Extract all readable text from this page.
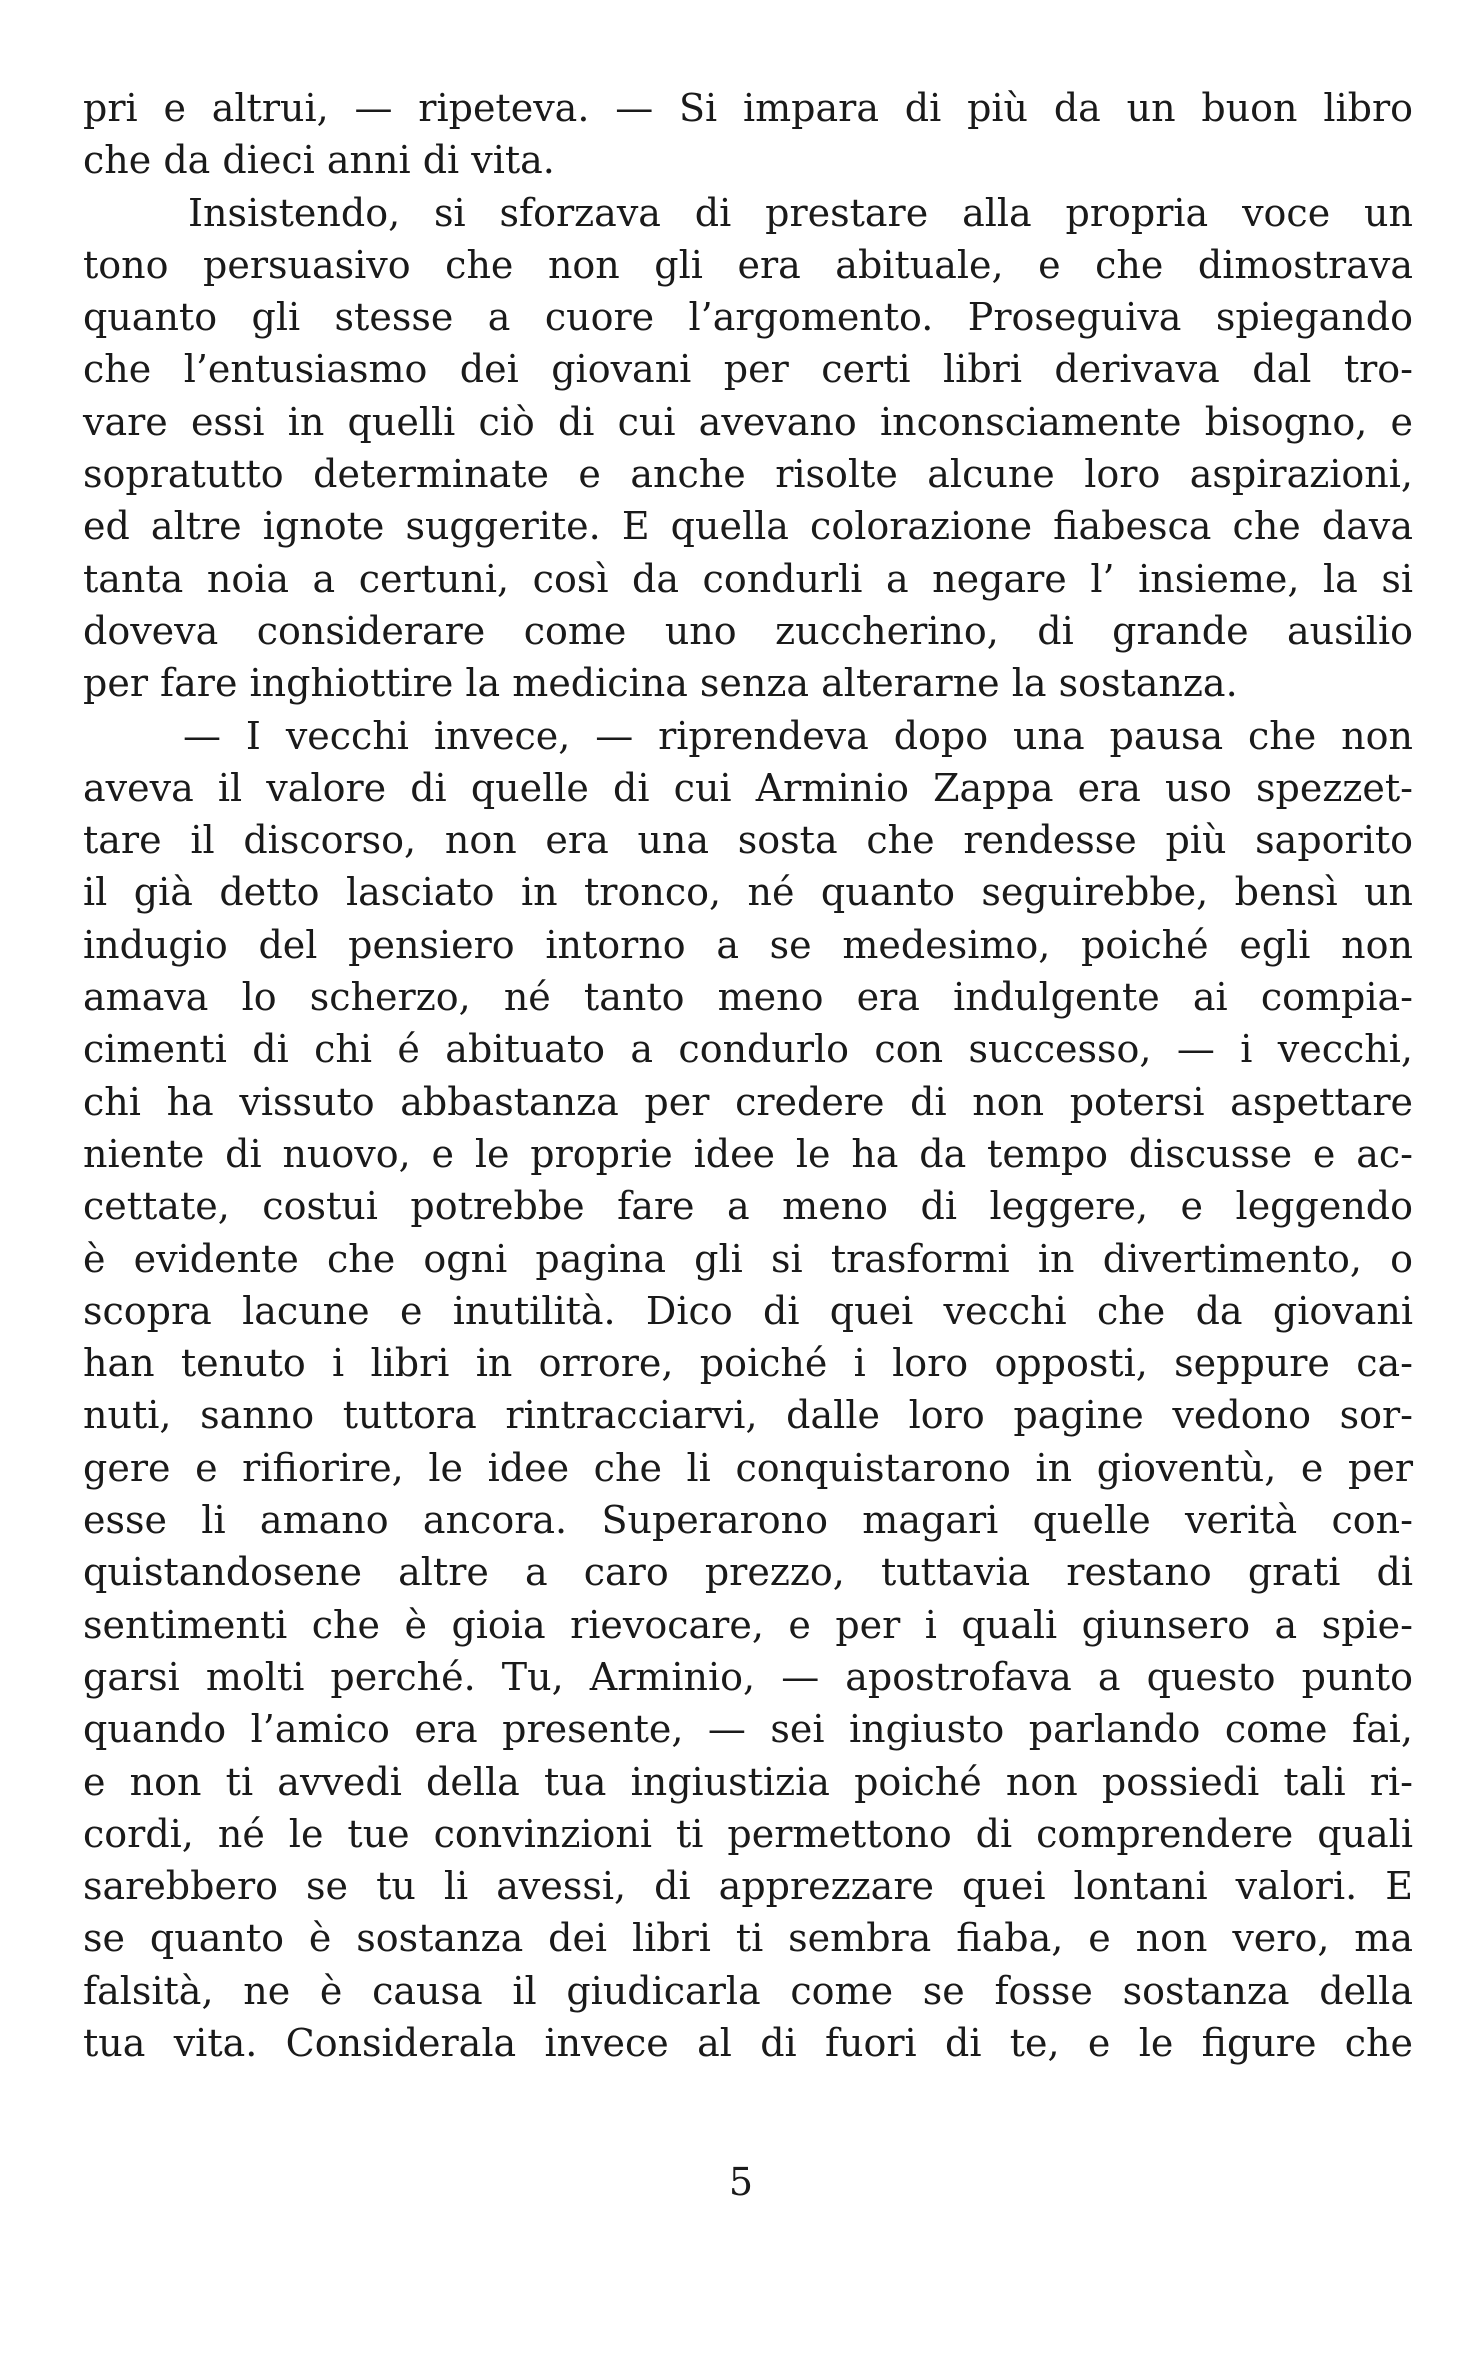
pri e altrui, — ripeteva. — Si impara di più da un buon libro
che da dieci anni di vita.
Insistendo, si sforzava di prestare alla propria voce un
tono persuasivo che non gli era abituale, e che dimostrava
quanto gli stesse a cuore l’argomento. Proseguiva spiegando
che l’entusiasmo dei giovani per certi libri derivava dal tro-
vare essi in quelli ciò di cui avevano inconsciamente bisogno, e
sopratutto determinate e anche risolte alcune loro aspirazioni,
ed altre ignote suggerite. E quella colorazione fiabesca che dava
tanta noia a certuni, così da condurli a negare l’ insieme, la si
doveva considerare come uno zuccherino, di grande ausilio
per fare inghiottire la medicina senza alterarne la sostanza.
— I vecchi invece, — riprendeva dopo una pausa che non
aveva il valore di quelle di cui Arminio Zappa era uso spezzet-
tare il discorso, non era una sosta che rendesse più saporito
il già detto lasciato in tronco, né quanto seguirebbe, bensì un
indugio del pensiero intorno a se medesimo, poiché egli non
amava lo scherzo, né tanto meno era indulgente ai compia-
cimenti di chi é abituato a condurlo con successo, — i vecchi,
chi ha vissuto abbastanza per credere di non potersi aspettare
niente di nuovo, e le proprie idee le ha da tempo discusse e ac-
cettate, costui potrebbe fare a meno di leggere, e leggendo
è evidente che ogni pagina gli si trasformi in divertimento, o
scopra lacune e inutilità. Dico di quei vecchi che da giovani
han tenuto i libri in orrore, poiché i loro opposti, seppure ca-
nuti, sanno tuttora rintracciarvi, dalle loro pagine vedono sor-
gere e rifiorire, le idee che li conquistarono in gioventù, e per
esse li amano ancora. Superarono magari quelle verità con-
quistandosene altre a caro prezzo, tuttavia restano grati di
sentimenti che è gioia rievocare, e per i quali giunsero a spie-
garsi molti perché. Tu, Arminio, — apostrofava a questo punto
quando l’amico era presente, — sei ingiusto parlando come fai,
e non ti avvedi della tua ingiustizia poiché non possiedi tali ri-
cordi, né le tue convinzioni ti permettono di comprendere quali
sarebbero se tu li avessi, di apprezzare quei lontani valori. E
se quanto è sostanza dei libri ti sembra fiaba, e non vero, ma
falsità, ne è causa il giudicarla come se fosse sostanza della
tua vita. Considerala invece al di fuori di te, e le figure che
5
